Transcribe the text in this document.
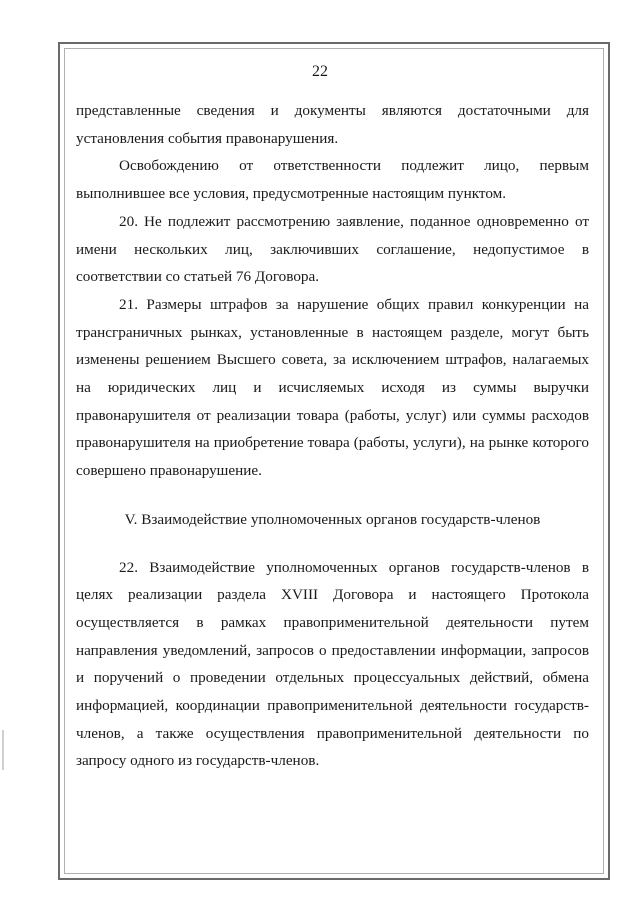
22

представленные сведения и документы являются достаточными для установления события правонарушения.

Освобождению от ответственности подлежит лицо, первым выполнившее все условия, предусмотренные настоящим пунктом.

20. Не подлежит рассмотрению заявление, поданное одновременно от имени нескольких лиц, заключивших соглашение, недопустимое в соответствии со статьей 76 Договора.

21. Размеры штрафов за нарушение общих правил конкуренции на трансграничных рынках, установленные в настоящем разделе, могут быть изменены решением Высшего совета, за исключением штрафов, налагаемых на юридических лиц и исчисляемых исходя из суммы выручки правонарушителя от реализации товара (работы, услуг) или суммы расходов правонарушителя на приобретение товара (работы, услуги), на рынке которого совершено правонарушение.

V. Взаимодействие уполномоченных органов государств-членов

22. Взаимодействие уполномоченных органов государств-членов в целях реализации раздела XVIII Договора и настоящего Протокола осуществляется в рамках правоприменительной деятельности путем направления уведомлений, запросов о предоставлении информации, запросов и поручений о проведении отдельных процессуальных действий, обмена информацией, координации правоприменительной деятельности государств-членов, а также осуществления правоприменительной деятельности по запросу одного из государств-членов.
